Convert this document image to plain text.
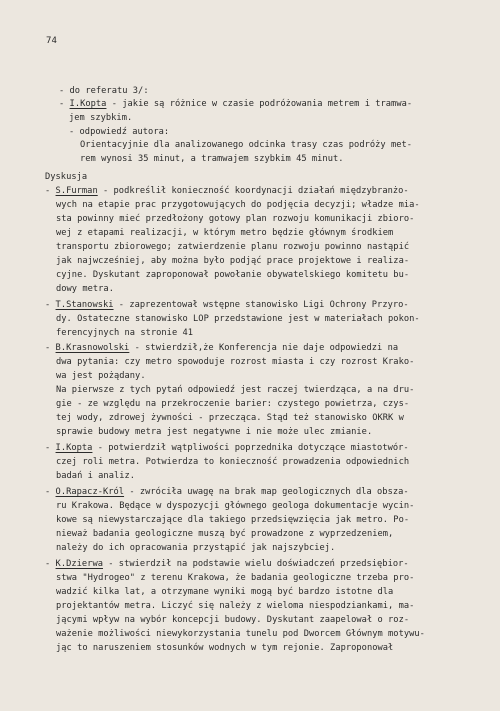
74
- do referatu 3/:
- I.Kopta - jakie są różnice w czasie podróżowania metrem i tramwa-
jem szybkim.
- odpowiedź autora:
Orientacyjnie dla analizowanego odcinka trasy czas podróży met-
rem wynosi 35 minut, a tramwajem szybkim 45 minut.
Dyskusja
- S.Furman - podkreślił konieczność koordynacji działań międzybranżo-
wych na etapie prac przygotowujących do podjęcia decyzji; władze mia-
sta powinny mieć przedłożony gotowy plan rozwoju komunikacji zbioro-
wej z etapami realizacji, w którym metro będzie głównym środkiem
transportu zbiorowego; zatwierdzenie planu rozwoju powinno nastąpić
jak najwcześniej, aby można było podjąć prace projektowe i realiza-
cyjne. Dyskutant zaproponował powołanie obywatelskiego komitetu bu-
dowy metra.
- T.Stanowski - zaprezentował wstępne stanowisko Ligi Ochrony Przyro-
dy. Ostateczne stanowisko LOP przedstawione jest w materiałach pokon-
ferencyjnych na stronie 41
- B.Krasnowolski - stwierdził,że Konferencja nie daje odpowiedzi na
dwa pytania: czy metro spowoduje rozrost miasta i czy rozrost Krako-
wa jest pożądany.
Na pierwsze z tych pytań odpowiedź jest raczej twierdząca, a na dru-
gie - ze względu na przekroczenie barier: czystego powietrza, czys-
tej wody, zdrowej żywności - przecząca. Stąd też stanowisko OKRK w
sprawie budowy metra jest negatywne i nie może ulec zmianie.
- I.Kopta - potwierdził wątpliwości poprzednika dotyczące miastotwór-
czej roli metra. Potwierdza to konieczność prowadzenia odpowiednich
badań i analiz.
- O.Rapacz-Król - zwróciła uwagę na brak map geologicznych dla obsza-
ru Krakowa. Będące w dyspozycji głównego geologa dokumentacje wycin-
kowe są niewystarczające dla takiego przedsięwzięcia jak metro. Po-
nieważ badania geologiczne muszą być prowadzone z wyprzedzeniem,
należy do ich opracowania przystąpić jak najszybciej.
- K.Dzierwa - stwierdził na podstawie wielu doświadczeń przedsiębior-
stwa "Hydrogeo" z terenu Krakowa, że badania geologiczne trzeba pro-
wadzić kilka lat, a otrzymane wyniki mogą być bardzo istotne dla
projektantów metra. Liczyć się należy z wieloma niespodziankami, ma-
jącymi wpływ na wybór koncepcji budowy. Dyskutant zaapelował o roz-
ważenie możliwości niewykorzystania tunelu pod Dworcem Głównym motywu-
jąc to naruszeniem stosunków wodnych w tym rejonie. Zaproponował
